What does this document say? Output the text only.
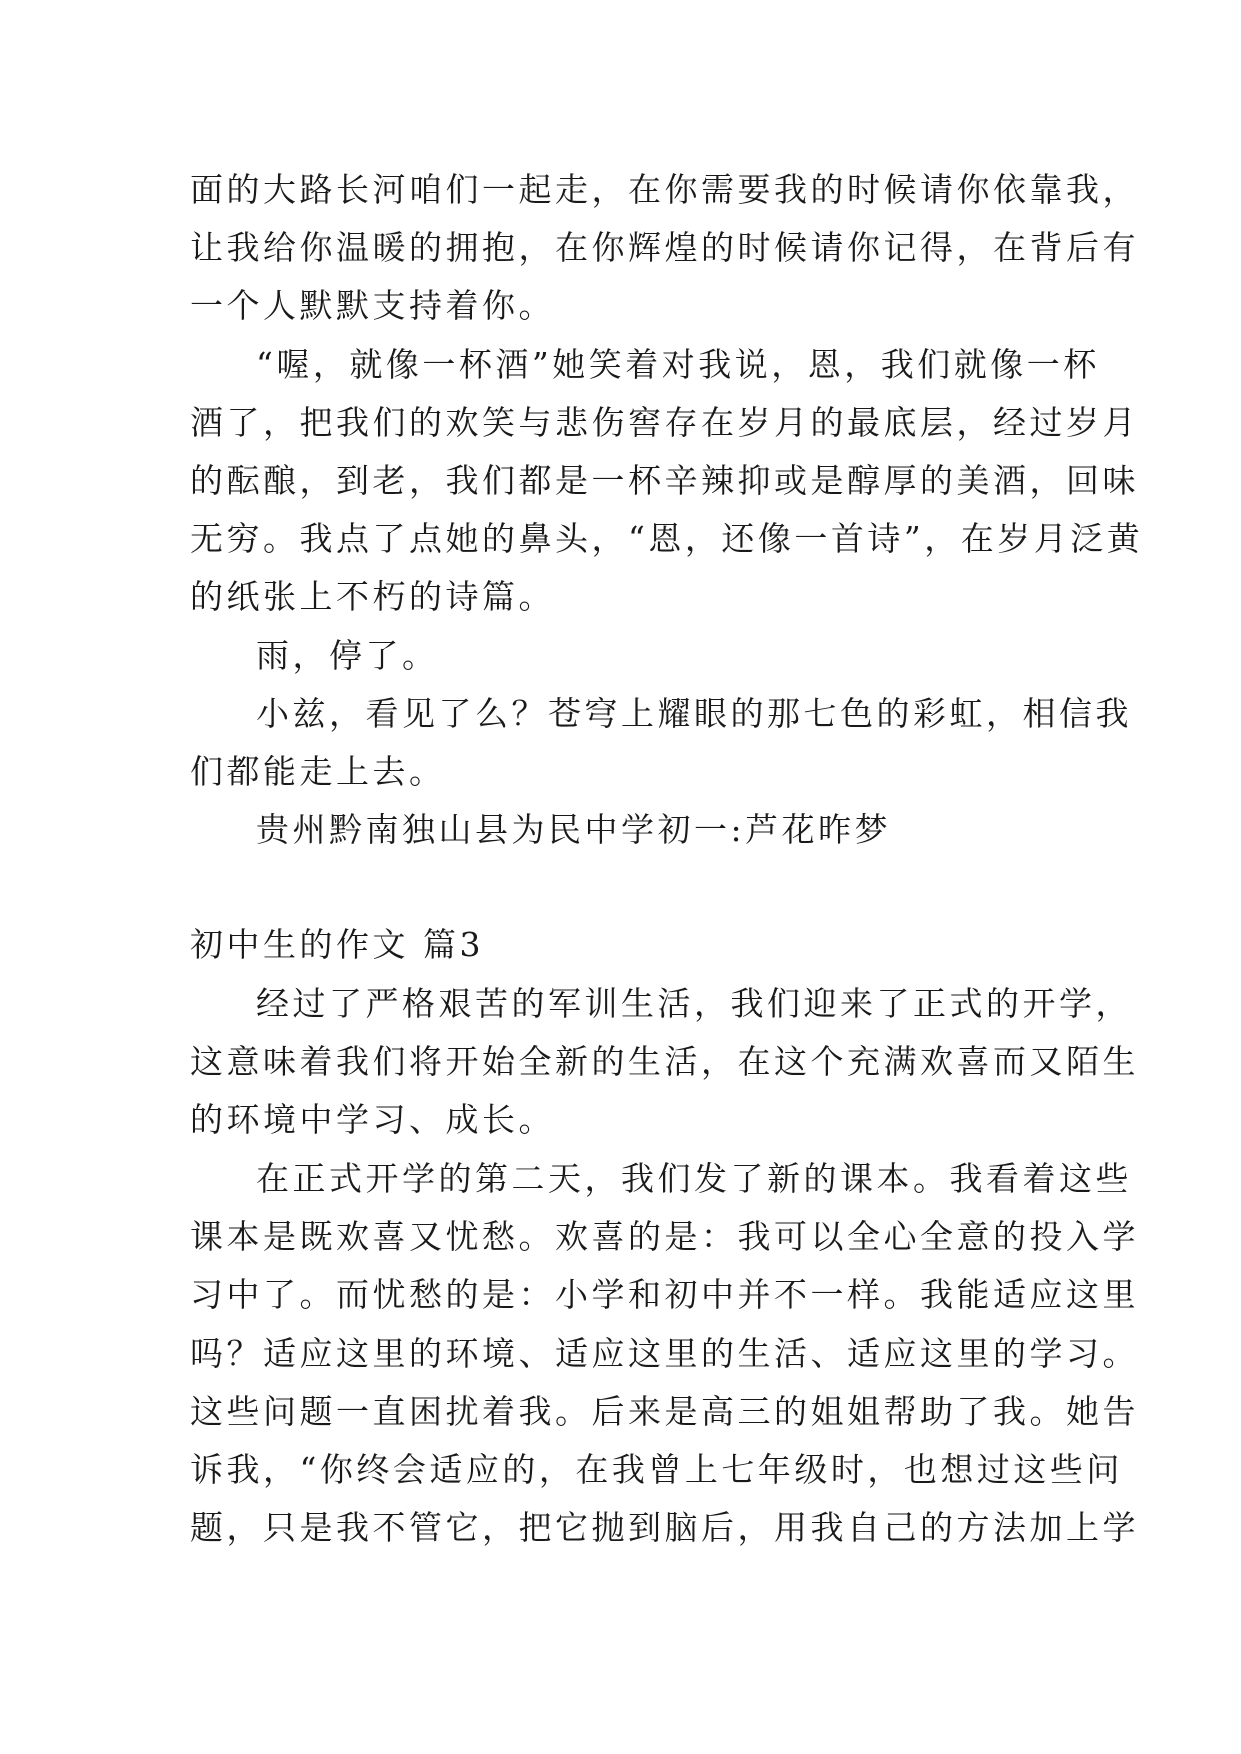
面的大路长河咱们一起走，在你需要我的时候请你依靠我，
让我给你温暖的拥抱，在你辉煌的时候请你记得，在背后有
一个人默默支持着你。
“喔，就像一杯酒”她笑着对我说，恩，我们就像一杯
酒了，把我们的欢笑与悲伤窖存在岁月的最底层，经过岁月
的酝酿，到老，我们都是一杯辛辣抑或是醇厚的美酒，回味
无穷。我点了点她的鼻头，“恩，还像一首诗”，在岁月泛黄
的纸张上不朽的诗篇。
雨，停了。
小兹，看见了么？苍穹上耀眼的那七色的彩虹，相信我
们都能走上去。
贵州黔南独山县为民中学初一:芦花昨梦
初中生的作文 篇3
经过了严格艰苦的军训生活，我们迎来了正式的开学，
这意味着我们将开始全新的生活，在这个充满欢喜而又陌生
的环境中学习、成长。
在正式开学的第二天，我们发了新的课本。我看着这些
课本是既欢喜又忧愁。欢喜的是：我可以全心全意的投入学
习中了。而忧愁的是：小学和初中并不一样。我能适应这里
吗？适应这里的环境、适应这里的生活、适应这里的学习。
这些问题一直困扰着我。后来是高三的姐姐帮助了我。她告
诉我，“你终会适应的，在我曾上七年级时，也想过这些问
题，只是我不管它，把它抛到脑后，用我自己的方法加上学
